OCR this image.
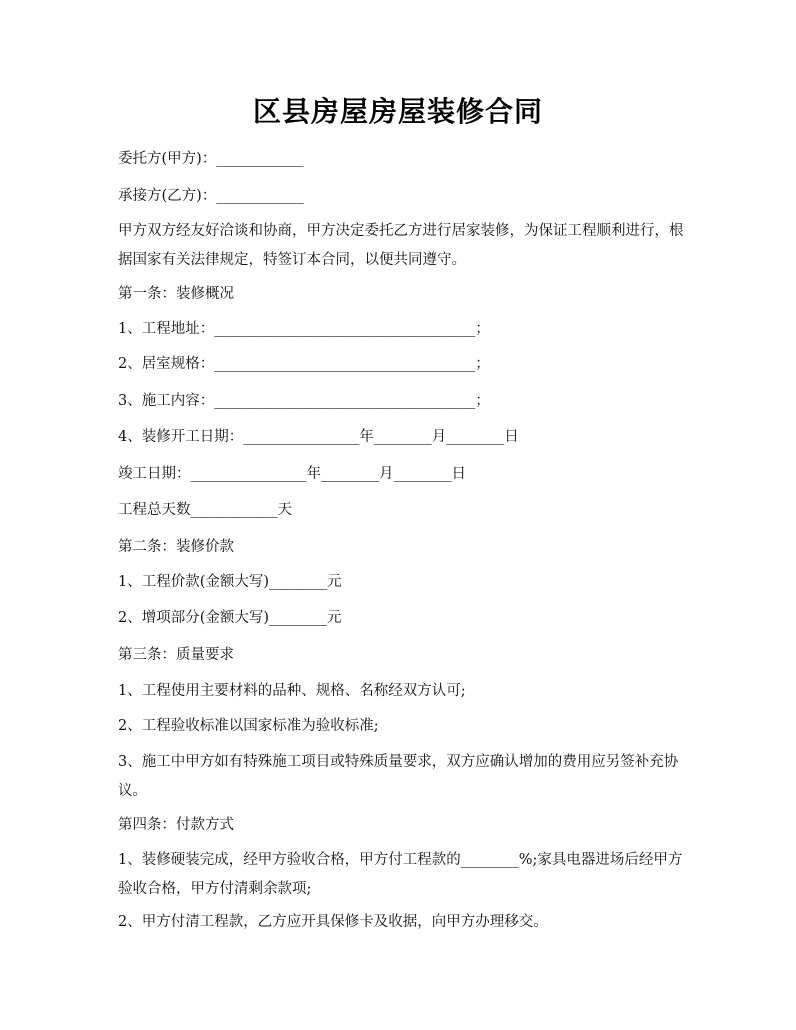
区县房屋房屋装修合同

委托方(甲方)：____________

承接方(乙方)：____________

甲方双方经友好洽谈和协商，甲方决定委托乙方进行居家装修，为保证工程顺利进行，根据国家有关法律规定，特签订本合同，以便共同遵守。

第一条：装修概况

1、工程地址：____________________________________；

2、居室规格：____________________________________；

3、施工内容：____________________________________；

4、装修开工日期：________________年________月________日

竣工日期：________________年________月________日

工程总天数____________天

第二条：装修价款

1、工程价款(金额大写)________元

2、增项部分(金额大写)________元

第三条：质量要求

1、工程使用主要材料的品种、规格、名称经双方认可;

2、工程验收标准以国家标准为验收标准;

3、施工中甲方如有特殊施工项目或特殊质量要求，双方应确认增加的费用应另签补充协议。

第四条：付款方式

1、装修硬装完成，经甲方验收合格，甲方付工程款的________%;家具电器进场后经甲方验收合格，甲方付清剩余款项;

2、甲方付清工程款，乙方应开具保修卡及收据，向甲方办理移交。
